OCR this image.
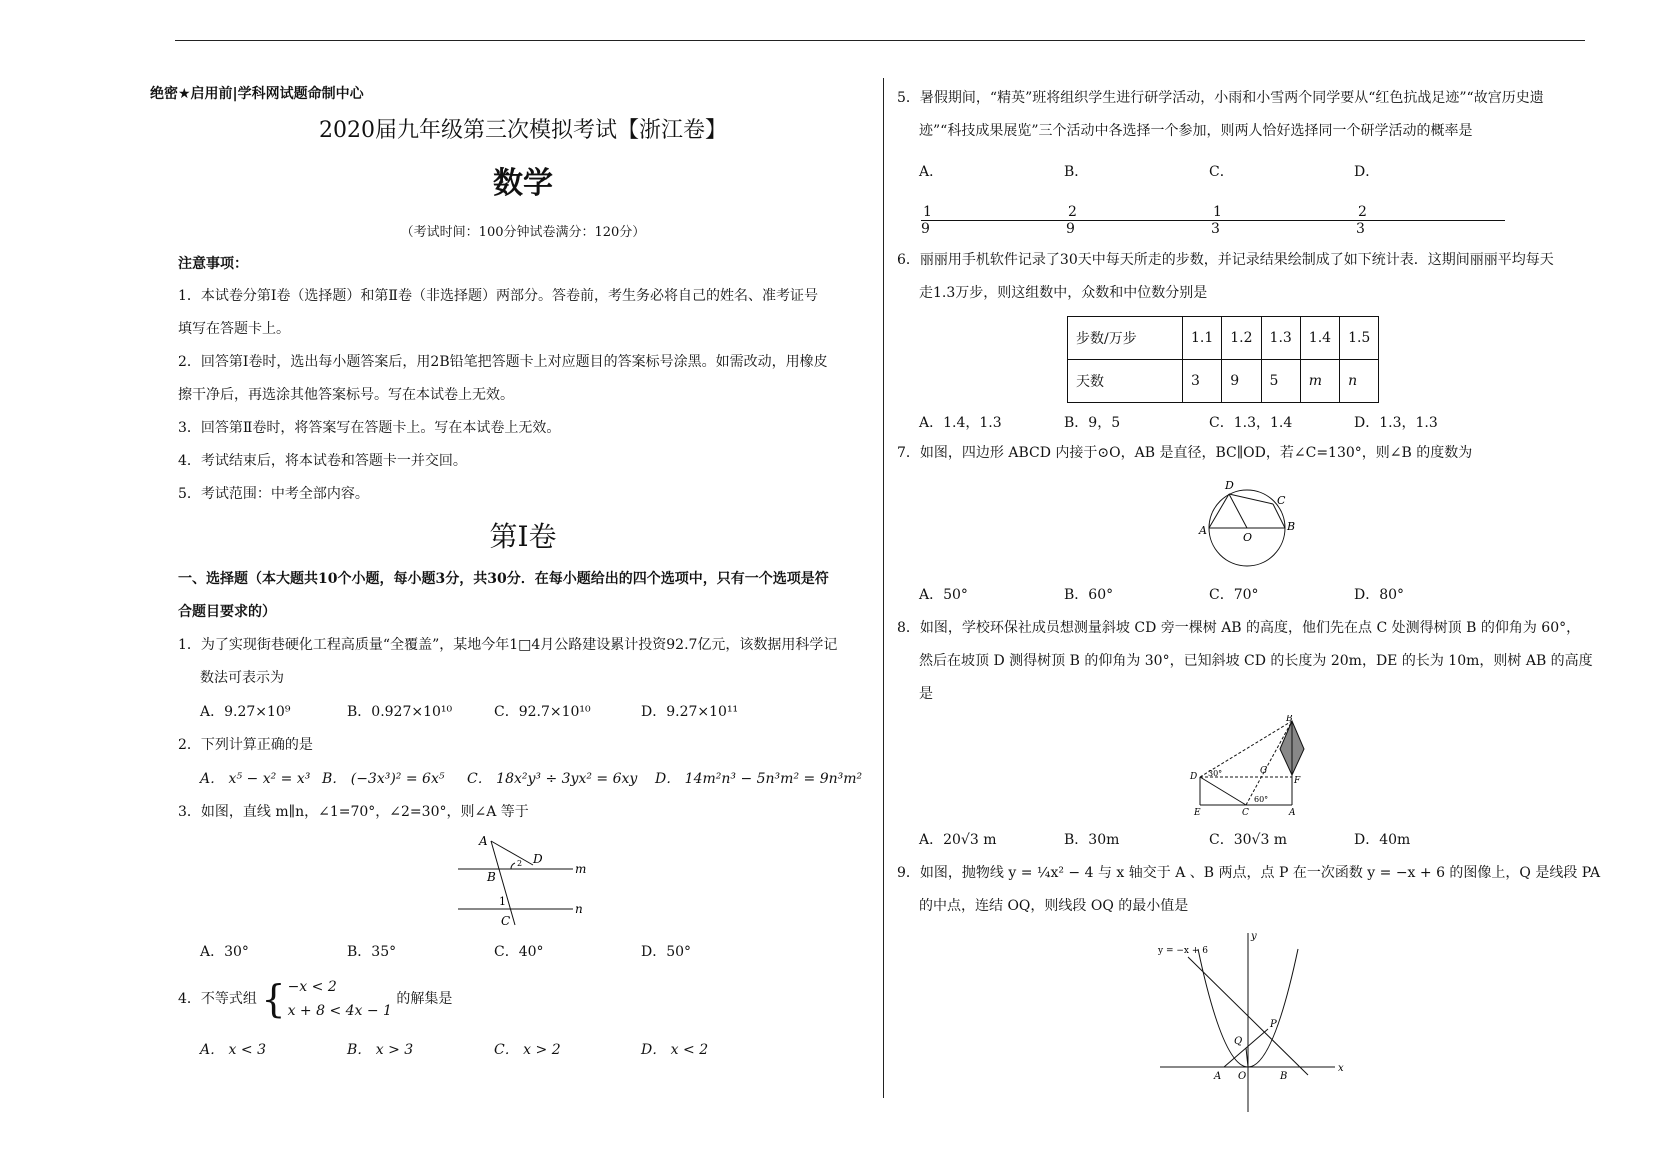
绝密★启用前|学科网试题命制中心
2020届九年级第三次模拟考试【浙江卷】
数学
（考试时间：100分钟试卷满分：120分）
注意事项：

1．本试卷分第Ⅰ卷（选择题）和第Ⅱ卷（非选择题）两部分。答卷前，考生务必将自己的姓名、准考证号

填写在答题卡上。

2．回答第Ⅰ卷时，选出每小题答案后，用2B铅笔把答题卡上对应题目的答案标号涂黑。如需改动，用橡皮

擦干净后，再选涂其他答案标号。写在本试卷上无效。

3．回答第Ⅱ卷时，将答案写在答题卡上。写在本试卷上无效。

4．考试结束后，将本试卷和答题卡一并交回。

5．考试范围：中考全部内容。

第Ⅰ卷
一、选择题（本大题共10个小题，每小题3分，共30分．在每小题给出的四个选项中，只有一个选项是符
合题目要求的）
1．为了实现街巷硬化工程高质量“全覆盖”，某地今年1□4月公路建设累计投资92.7亿元，该数据用科学记
数法可表示为
A．9.27×10⁹	B．0.927×10¹⁰	C．92.7×10¹⁰	D．9.27×10¹¹
2．下列计算正确的是
A． x⁵ − x² = x³ B． (−3x³)² = 6x⁵	C． 18x²y³ ÷ 3yx² = 6xy	D． 14m²n³ − 5n³m² = 9n³m²
3．如图，直线 m∥n，∠1=70°，∠2=30°，则∠A 等于
A
D
m
B
1
n
C
2
A．30°	B．35°	C．40°	D．50°
4．不等式组 { −x < 2
x + 8 < 4x − 1
的解集是
A． x < 3	B． x > 3	C． x > 2	D． x < 2
5．暑假期间，“精英”班将组织学生进行研学活动，小雨和小雪两个同学要从“红色抗战足迹”“故宫历史遗
迹”“科技成果展览”三个活动中各选择一个参加，则两人恰好选择同一个研学活动的概率是
A．$\frac{1}{9}$
B．$\frac{2}{9}$
C．$\frac{1}{3}$
D．$\frac{2}{3}$
6．丽丽用手机软件记录了30天中每天所走的步数，并记录结果绘制成了如下统计表．这期间丽丽平均每天
走1.3万步，则这组数中，众数和中位数分别是
步数/万步	1.1	1.2	1.3	1.4	1.5
天数	3	9	5	m	n
A．1.4，1.3	B．9，5	C．1.3，1.4	D．1.3，1.3
7．如图，四边形 ABCD 内接于⊙O，AB 是直径，BC∥OD，若∠C=130°，则∠B 的度数为
D
C
A
O
B
A．50°	B．60°	C．70°	D．80°
8．如图，学校环保社成员想测量斜坡 CD 旁一棵树 AB 的高度，他们先在点 C 处测得树顶 B 的仰角为 60°，
然后在坡顶 D 测得树顶 B 的仰角为 30°，已知斜坡 CD 的长度为 20m，DE 的长为 10m，则树 AB 的高度
是
B
D 30°	G
F
60°
E	C	A
A．20√3 m	B．30m	C．30√3 m	D．40m
9．如图，抛物线 y = ¼x² − 4 与 x 轴交于 A 、B 两点，点 P 在一次函数 y = −x + 6 的图像上，Q 是线段 PA
的中点，连结 OQ，则线段 OQ 的最小值是
y
y = −x + 6
P
Q
A O	B
x
